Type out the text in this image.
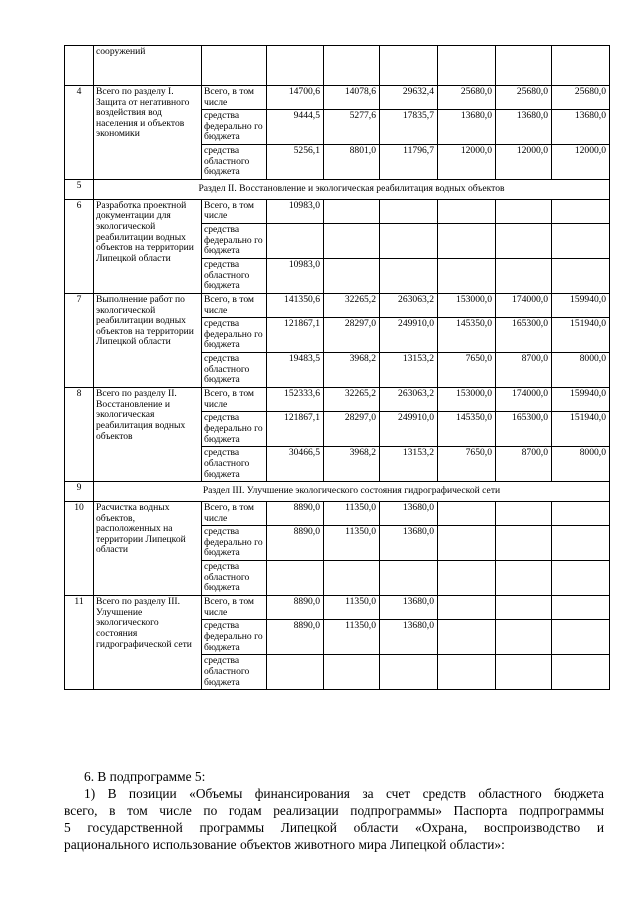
	сооружений							
4	Всего по разделу I. Защита от негативного воздействия вод населения и объектов экономики	Всего, в том числе	14700,6	14078,6	29632,4	25680,0	25680,0	25680,0
		средства федерально го бюджета	9444,5	5277,6	17835,7	13680,0	13680,0	13680,0
		средства областного бюджета	5256,1	8801,0	11796,7	12000,0	12000,0	12000,0
5	Раздел II. Восстановление и экологическая реабилитация водных объектов							
6	Разработка проектной документации для экологической реабилитации водных объектов на территории Липецкой области	Всего, в том числе	10983,0					
		средства федерально го бюджета						
		средства областного бюджета	10983,0					
7	Выполнение работ по экологической реабилитации водных объектов на территории Липецкой области	Всего, в том числе	141350,6	32265,2	263063,2	153000,0	174000,0	159940,0
		средства федерально го бюджета	121867,1	28297,0	249910,0	145350,0	165300,0	151940,0
		средства областного бюджета	19483,5	3968,2	13153,2	7650,0	8700,0	8000,0
8	Всего по разделу II. Восстановление и экологическая реабилитация водных объектов	Всего, в том числе	152333,6	32265,2	263063,2	153000,0	174000,0	159940,0
		средства федерально го бюджета	121867,1	28297,0	249910,0	145350,0	165300,0	151940,0
		средства областного бюджета	30466,5	3968,2	13153,2	7650,0	8700,0	8000,0
9	Раздел III. Улучшение экологического состояния гидрографической сети							
10	Расчистка водных объектов, расположенных на территории Липецкой области	Всего, в том числе	8890,0	11350,0	13680,0			
		средства федерально го бюджета	8890,0	11350,0	13680,0			
		средства областного бюджета						
11	Всего по разделу III. Улучшение экологического состояния гидрографической сети	Всего, в том числе	8890,0	11350,0	13680,0			
		средства федерально го бюджета	8890,0	11350,0	13680,0			
		средства областного бюджета						
6. В подпрограмме 5:
1) В позиции «Объемы финансирования за счет средств областного бюджета
всего, в том числе по годам реализации подпрограммы» Паспорта подпрограммы
5 государственной программы Липецкой области «Охрана, воспроизводство и
рационального использование объектов животного мира Липецкой области»:
